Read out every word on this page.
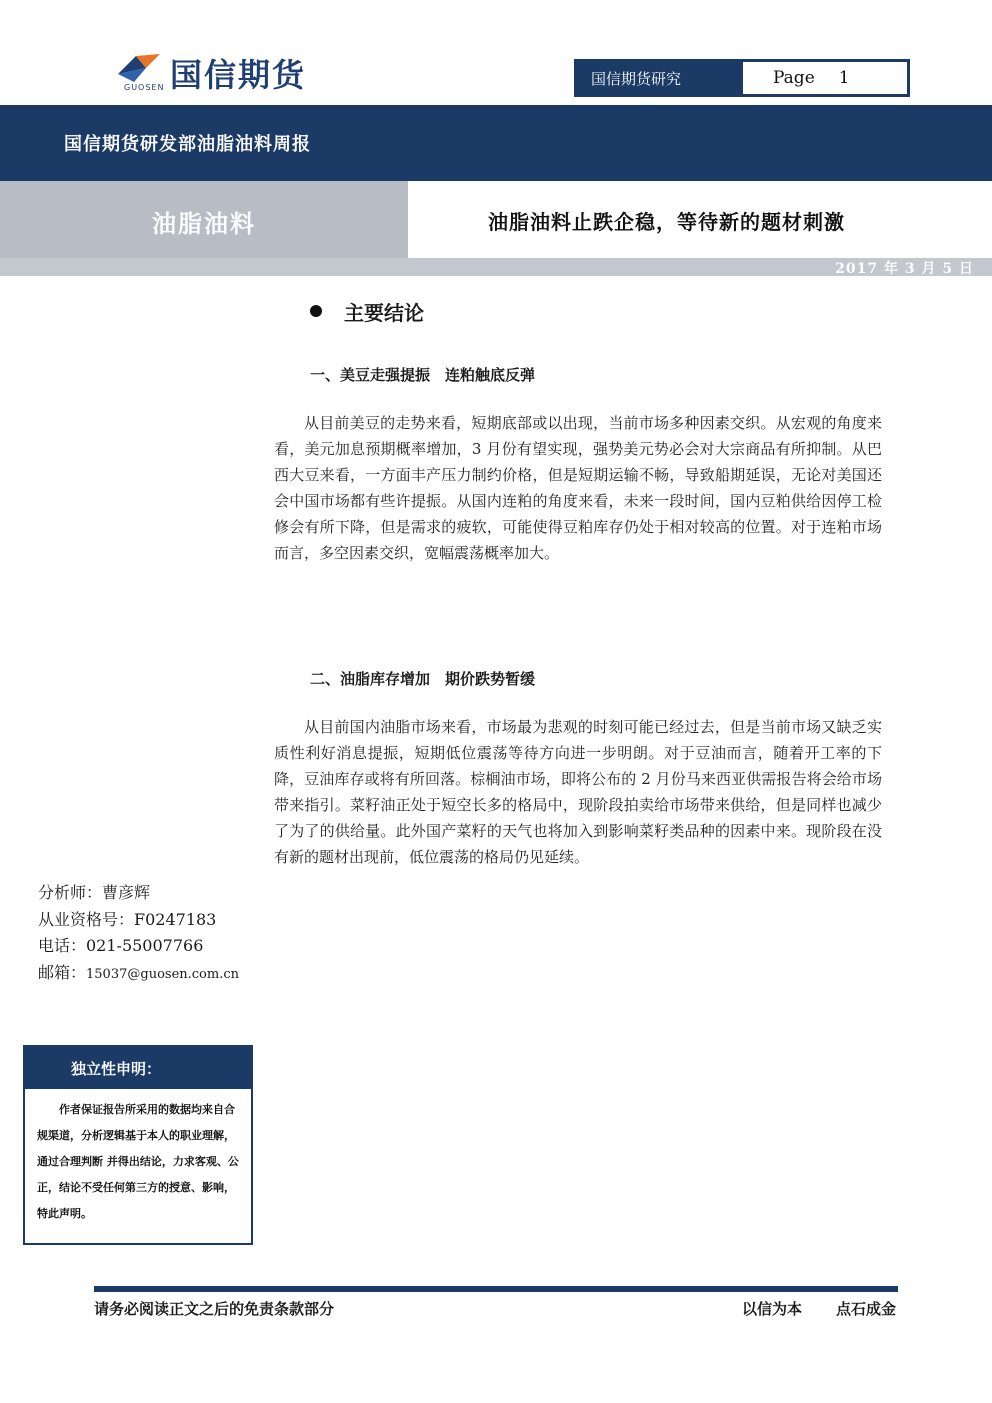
国信期货
GUOSEN	国信期货研究	Page 1
国信期货研发部油脂油料周报
油脂油料	油脂油料止跌企稳，等待新的题材刺激
2017 年 3 月 5 日
主要结论
一、美豆走强提振　连粕触底反弹
从目前美豆的走势来看，短期底部或以出现，当前市场多种因素交织。从宏观的角度来看，美元加息预期概率增加，3 月份有望实现，强势美元势必会对大宗商品有所抑制。从巴西大豆来看，一方面丰产压力制约价格，但是短期运输不畅，导致船期延误，无论对美国还会中国市场都有些许提振。从国内连粕的角度来看，未来一段时间，国内豆粕供给因停工检修会有所下降，但是需求的疲软，可能使得豆粕库存仍处于相对较高的位置。对于连粕市场而言，多空因素交织，宽幅震荡概率加大。
二、油脂库存增加　期价跌势暂缓
从目前国内油脂市场来看，市场最为悲观的时刻可能已经过去，但是当前市场又缺乏实质性利好消息提振，短期低位震荡等待方向进一步明朗。对于豆油而言，随着开工率的下降，豆油库存或将有所回落。棕榈油市场，即将公布的 2 月份马来西亚供需报告将会给市场带来指引。菜籽油正处于短空长多的格局中，现阶段拍卖给市场带来供给，但是同样也减少了为了的供给量。此外国产菜籽的天气也将加入到影响菜籽类品种的因素中来。现阶段在没有新的题材出现前，低位震荡的格局仍见延续。
分析师：曹彦辉
从业资格号：F0247183
电话：021-55007766
邮箱：15037@guosen.com.cn
独立性申明：
作者保证报告所采用的数据均来自合规渠道，分析逻辑基于本人的职业理解，通过合理判断 并得出结论，力求客观、公正，结论不受任何第三方的授意、影响，特此声明。
请务必阅读正文之后的免责条款部分	以信为本 点石成金
